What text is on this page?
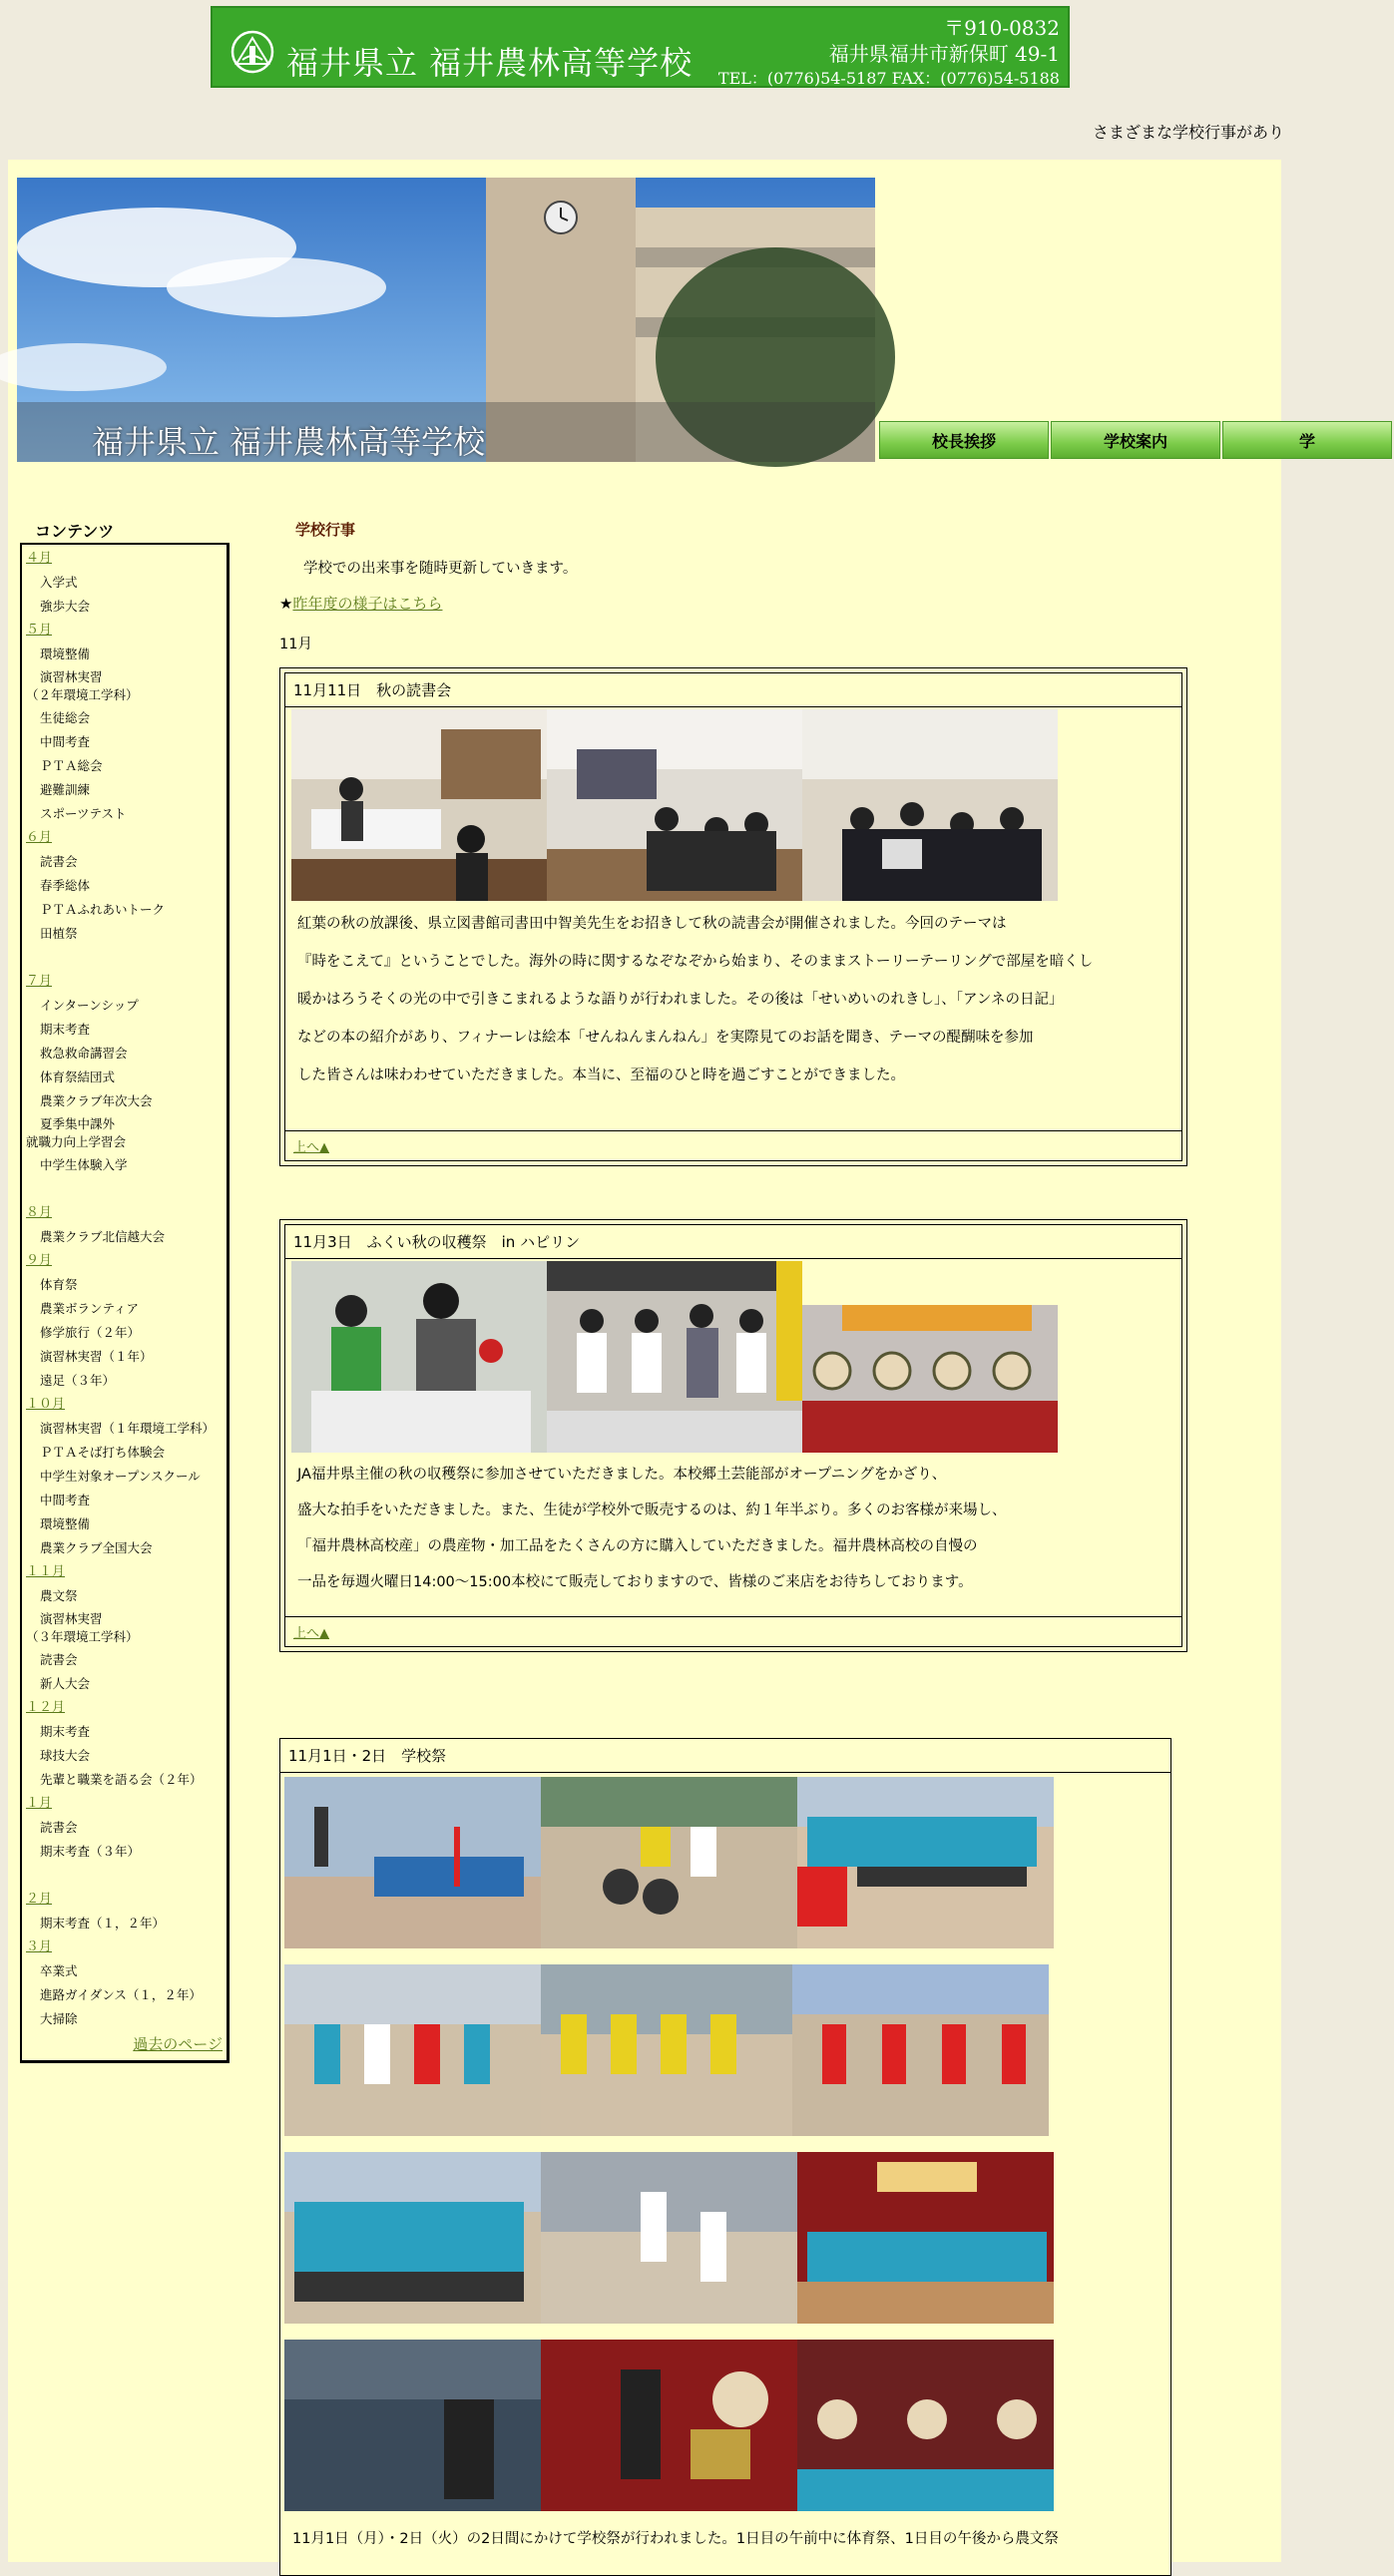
福井県立 福井農林高等学校
〒910-0832
福井県福井市新保町 49-1
TEL：(0776)54-5187 FAX：(0776)54-5188
さまざまな学校行事があり
福井県立 福井農林高等学校	校長挨拶	学校案内	学
コンテンツ
４月
入学式
強歩大会
５月
環境整備
演習林実習
（２年環境工学科）
生徒総会
中間考査
ＰＴＡ総会
避難訓練
スポーツテスト
６月
読書会
春季総体
ＰＴＡふれあいトーク
田植祭
７月
インターンシップ
期末考査
救急救命講習会
体育祭結団式
農業クラブ年次大会
夏季集中課外
就職力向上学習会
中学生体験入学
８月
農業クラブ北信越大会
９月
体育祭
農業ボランティア
修学旅行（２年）
演習林実習（１年）
遠足（３年）
１０月
演習林実習（１年環境工学科）
ＰＴＡそば打ち体験会
中学生対象オープンスクール
中間考査
環境整備
農業クラブ全国大会
１１月
農文祭
演習林実習
（３年環境工学科）
読書会
新人大会
１２月
期末考査
球技大会
先輩と職業を語る会（２年）
１月
読書会
期末考査（３年）
２月
期末考査（１，２年）
３月
卒業式
進路ガイダンス（１，２年）
大掃除
過去のページ
学校行事
学校での出来事を随時更新していきます。
★昨年度の様子はこちら
11月
11月11日　秋の読書会
紅葉の秋の放課後、県立図書館司書田中智美先生をお招きして秋の読書会が開催されました。今回のテーマは
『時をこえて』ということでした。海外の時に関するなぞなぞから始まり、そのままストーリーテーリングで部屋を暗くし
暖かはろうそくの光の中で引きこまれるような語りが行われました。その後は「せいめいのれきし」、「アンネの日記」
などの本の紹介があり、フィナーレは絵本「せんねんまんねん」を実際見てのお話を聞き、テーマの醍醐味を参加
した皆さんは味わわせていただきました。本当に、至福のひと時を過ごすことができました。
上へ▲
11月3日　ふくい秋の収穫祭　in ハピリン
JA福井県主催の秋の収穫祭に参加させていただきました。本校郷土芸能部がオープニングをかざり、
盛大な拍手をいただきました。また、生徒が学校外で販売するのは、約１年半ぶり。多くのお客様が来場し、
「福井農林高校産」の農産物・加工品をたくさんの方に購入していただきました。福井農林高校の自慢の
一品を毎週火曜日14:00～15:00本校にて販売しておりますので、皆様のご来店をお待ちしております。
上へ▲
11月1日・2日　学校祭
11月1日（月）・2日（火）の2日間にかけて学校祭が行われました。1日目の午前中に体育祭、1日目の午後から農文祭
